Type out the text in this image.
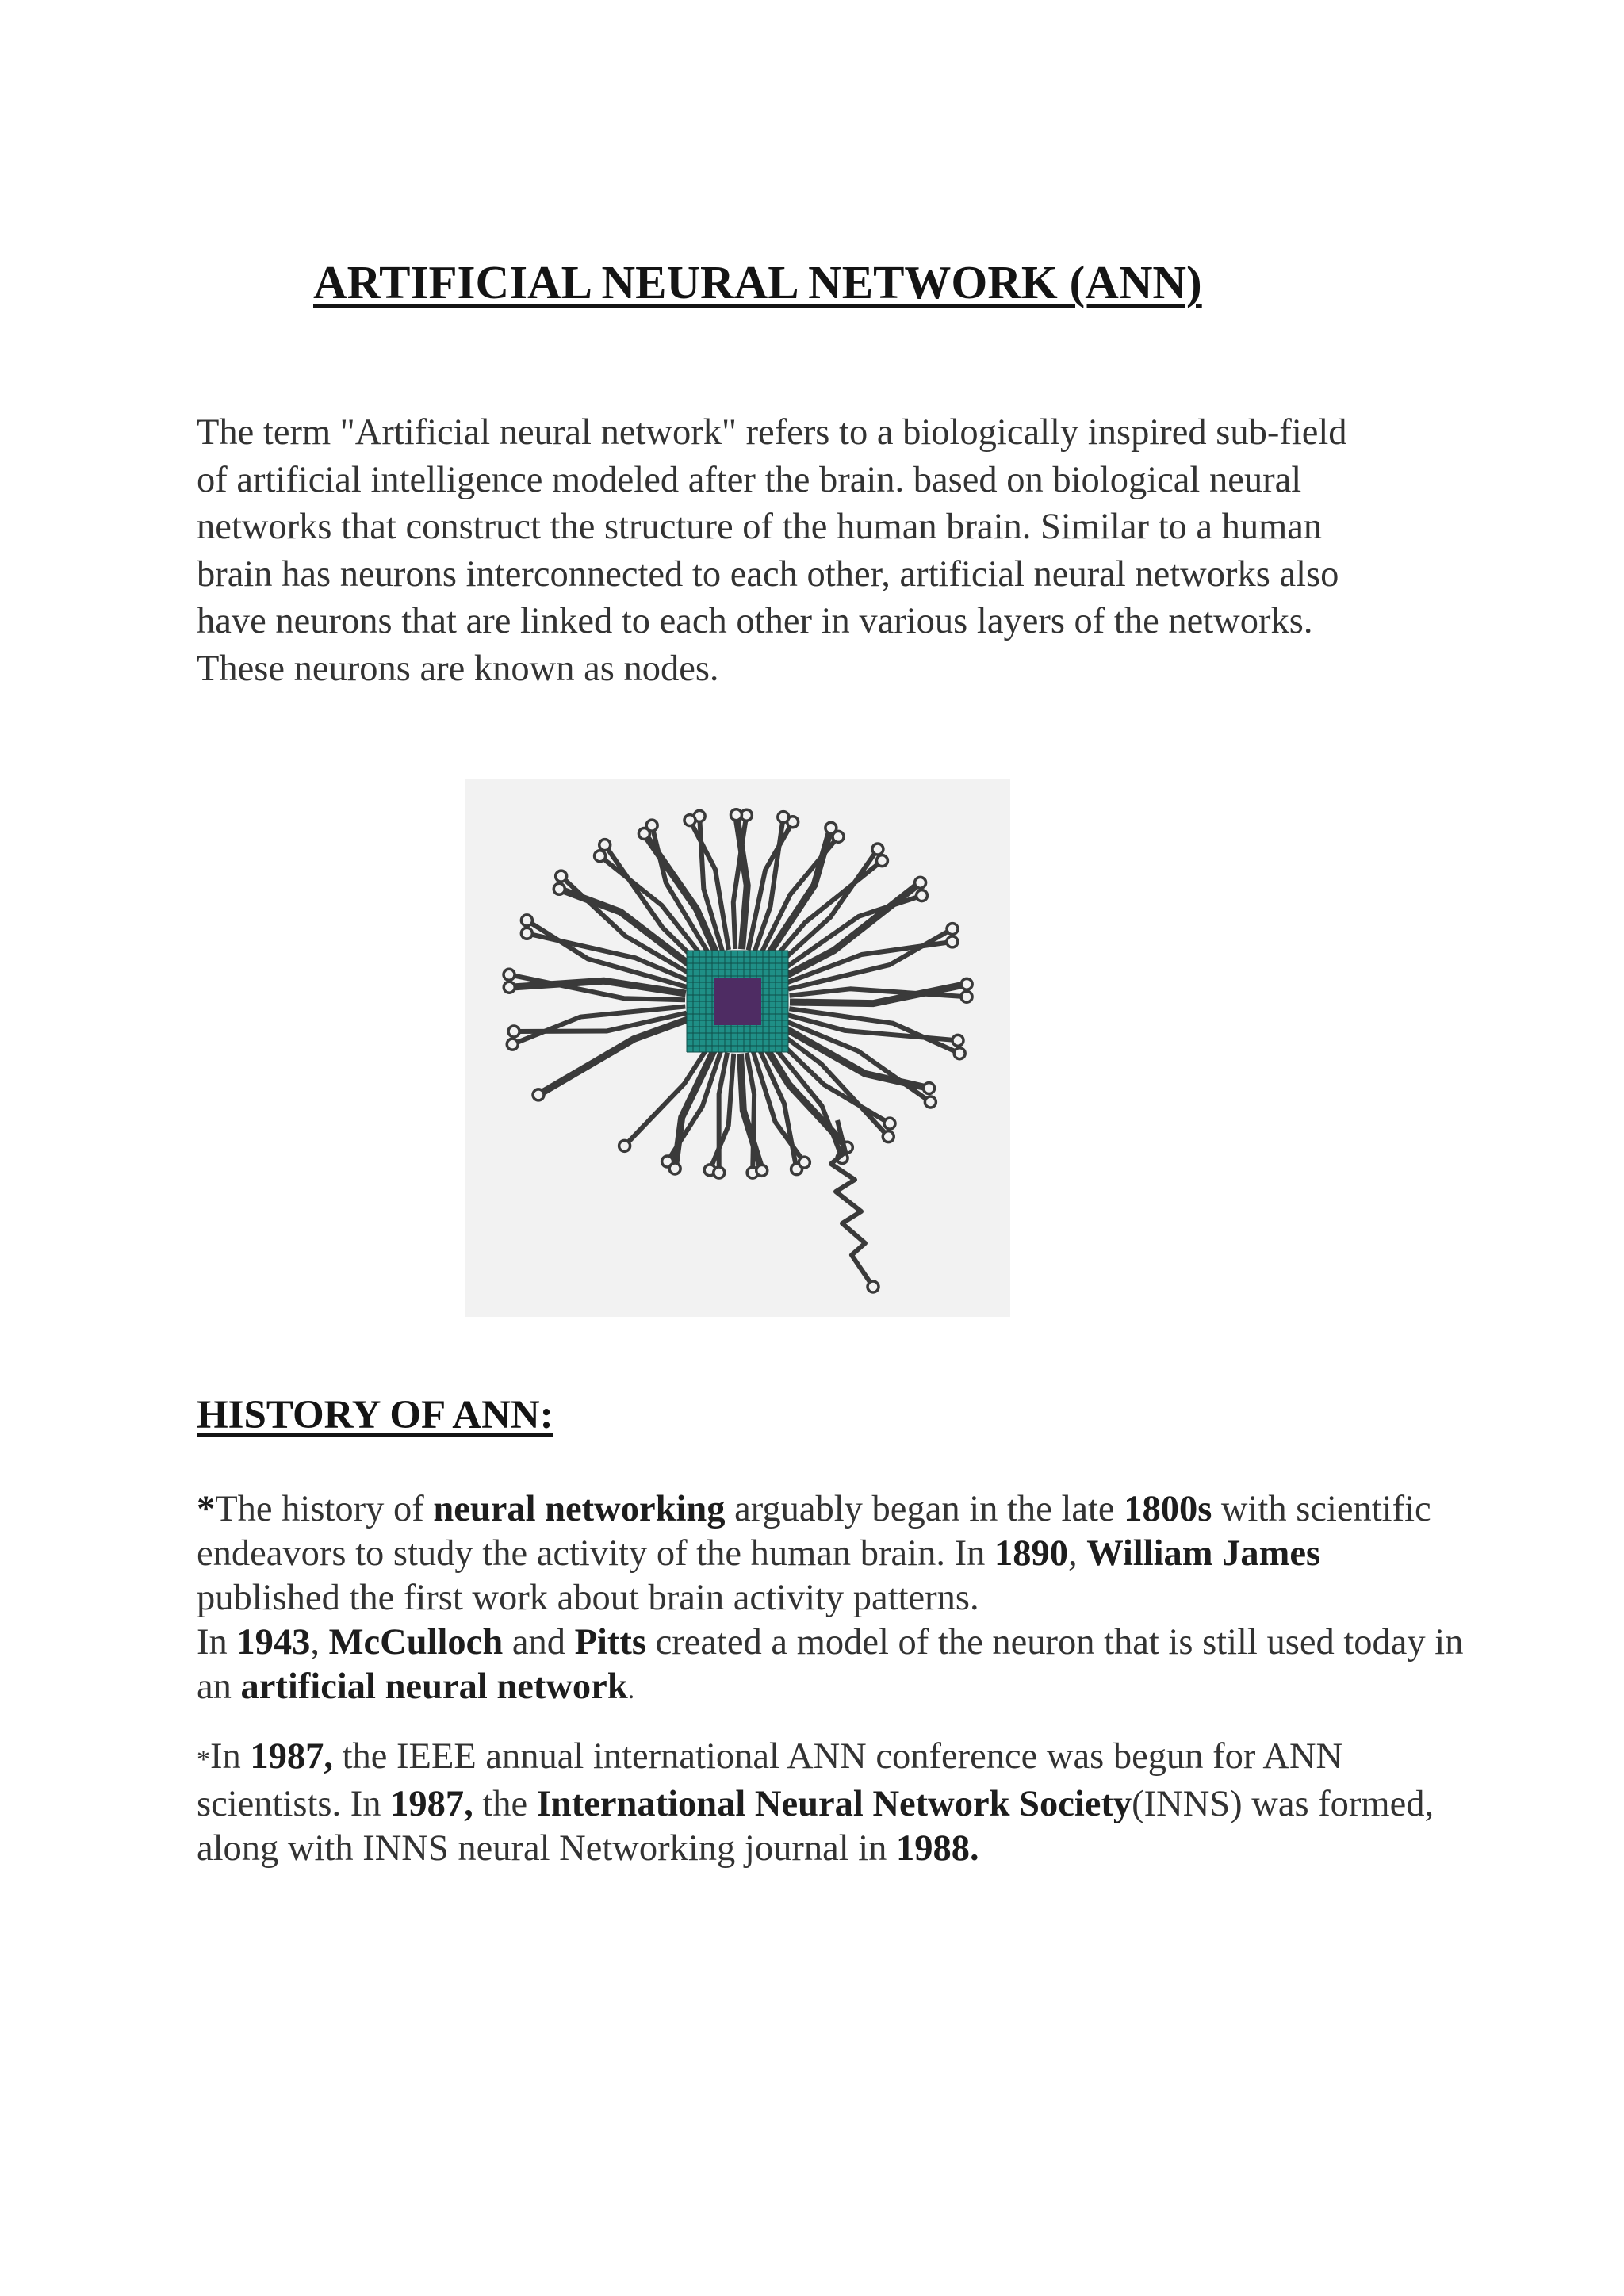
ARTIFICIAL NEURAL NETWORK (ANN)
The term "Artificial neural network" refers to a biologically inspired sub-field
of artificial intelligence modeled after the brain. based on biological neural
networks that construct the structure of the human brain. Similar to a human
brain has neurons interconnected to each other, artificial neural networks also
have neurons that are linked to each other in various layers of the networks.
These neurons are known as nodes.
HISTORY OF ANN:

*The history of neural networking arguably began in the late 1800s with scientific endeavors to study the activity of the human brain. In 1890, William James published the first work about brain activity patterns.

In 1943, McCulloch and Pitts created a model of the neuron that is still used today in an artificial neural network.

*In 1987, the IEEE annual international ANN conference was begun for ANN scientists. In 1987, the International Neural Network Society(INNS) was formed, along with INNS neural Networking journal in 1988.
